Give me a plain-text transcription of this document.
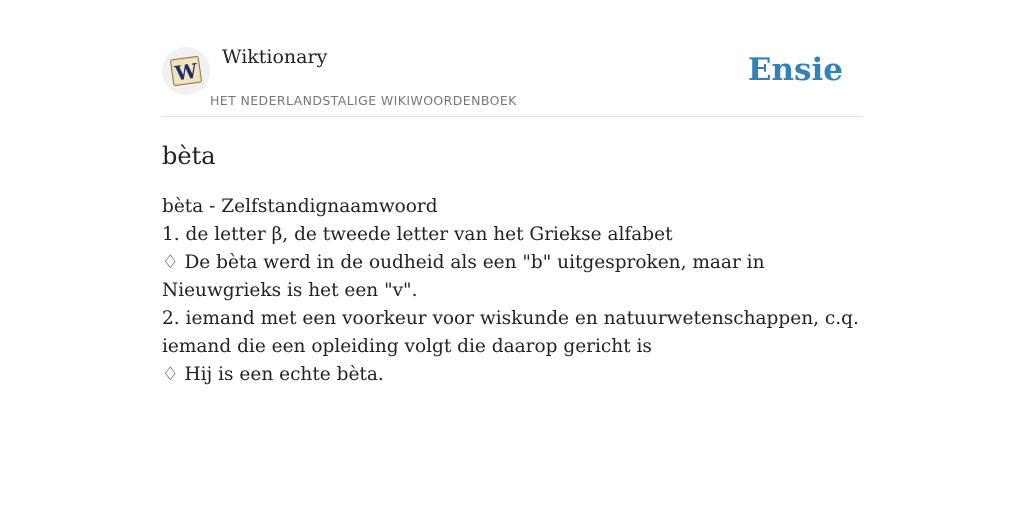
W
Wiktionary
HET NEDERLANDSTALIGE WIKIWOORDENBOEK
Ensie
bèta
bèta - Zelfstandignaamwoord
1. de letter β, de tweede letter van het Griekse alfabet
♢ De bèta werd in de oudheid als een "b" uitgesproken, maar in Nieuwgrieks is het een "v".
2. iemand met een voorkeur voor wiskunde en natuurwetenschappen, c.q. iemand die een opleiding volgt die daarop gericht is
♢ Hij is een echte bèta.
